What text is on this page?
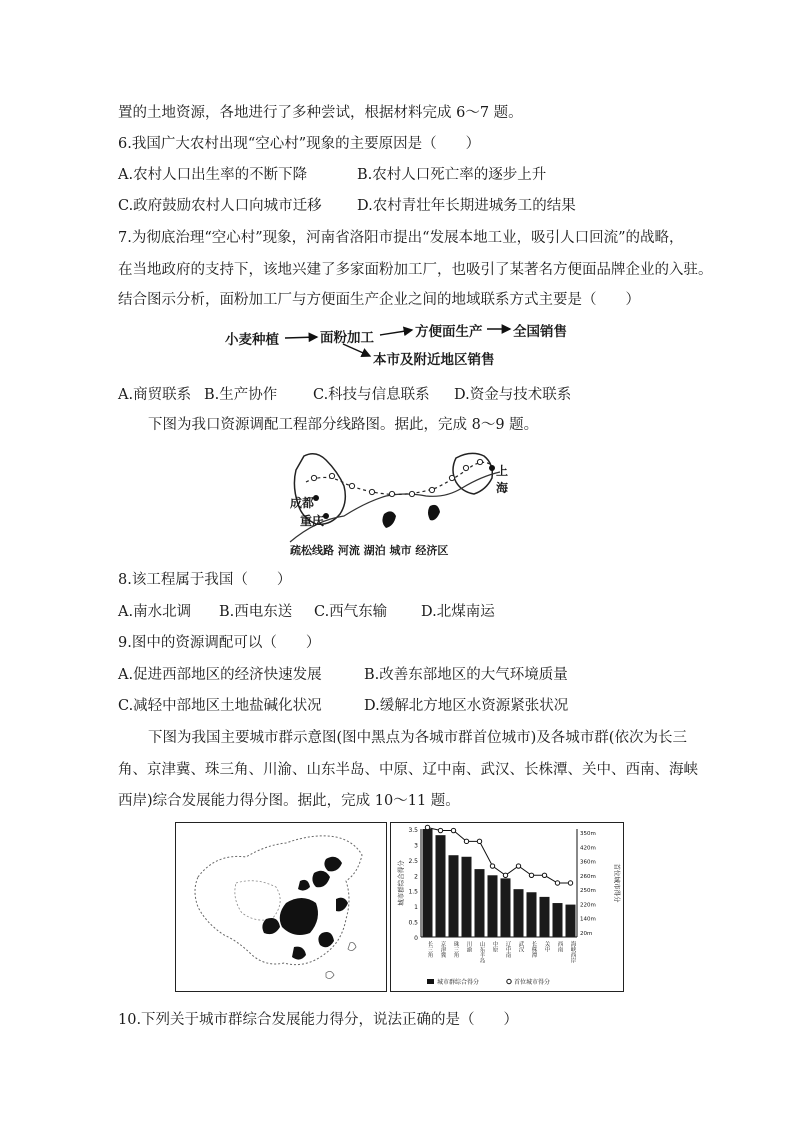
置的土地资源，各地进行了多种尝试，根据材料完成 6～7 题。
6.我国广大农村出现“空心村”现象的主要原因是（　　）
A.农村人口出生率的不断下降	B.农村人口死亡率的逐步上升
C.政府鼓励农村人口向城市迁移 D.农村青壮年长期进城务工的结果
7.为彻底治理“空心村”现象，河南省洛阳市提出“发展本地工业，吸引人口回流”的战略，
在当地政府的支持下，该地兴建了多家面粉加工厂，也吸引了某著名方便面品牌企业的入驻。
结合图示分析，面粉加工厂与方便面生产企业之间的地域联系方式主要是（　　）
小麦种植	面粉加工	方便面生产 全国销售
本市及附近地区销售
A.商贸联系 B.生产协作 C.科技与信息联系 D.资金与技术联系
下图为我口资源调配工程部分线路图。据此，完成 8～9 题。
上海
成都
重庆
疏松线路 河流 湖泊 城市 经济区
8.该工程属于我国（　　）
A.南水北调 B.西电东送 C.西气东输 D.北煤南运
9.图中的资源调配可以（　　）
A.促进西部地区的经济快速发展	B.改善东部地区的大气环境质量
C.减轻中部地区土地盐碱化状况	D.缓解北方地区水资源紧张状况
下图为我国主要城市群示意图(图中黑点为各城市群首位城市)及各城市群(依次为长三
角、京津冀、珠三角、川渝、山东半岛、中原、辽中南、武汉、长株潭、关中、西南、海峡
西岸)综合发展能力得分图。据此，完成 10～11 题。
0
0.5
1
1.5
2
2.5
3
3.5	350m
420m
360m
260m
250m
220m
140m
20m
城市群综合得分	首位城市得分
长三角 京津冀 珠三角 川渝 山东半岛 中原 辽中南 武汉 长株潭 关中 西南 海峡西岸
城市群综合得分	首位城市得分
10.下列关于城市群综合发展能力得分，说法正确的是（　　）
